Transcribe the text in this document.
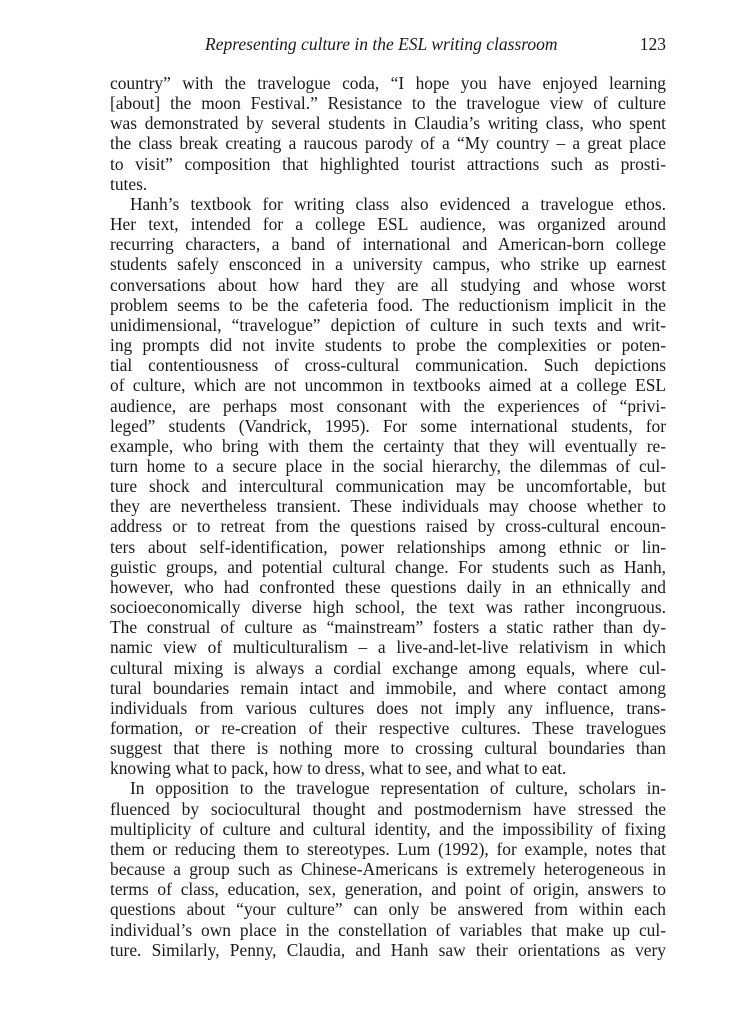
Representing culture in the ESL writing classroom	123
country” with the travelogue coda, “I hope you have enjoyed learning
[about] the moon Festival.” Resistance to the travelogue view of culture
was demonstrated by several students in Claudia’s writing class, who spent
the class break creating a raucous parody of a “My country – a great place
to visit” composition that highlighted tourist attractions such as prosti-
tutes.
Hanh’s textbook for writing class also evidenced a travelogue ethos.
Her text, intended for a college ESL audience, was organized around
recurring characters, a band of international and American-born college
students safely ensconced in a university campus, who strike up earnest
conversations about how hard they are all studying and whose worst
problem seems to be the cafeteria food. The reductionism implicit in the
unidimensional, “travelogue” depiction of culture in such texts and writ-
ing prompts did not invite students to probe the complexities or poten-
tial contentiousness of cross-cultural communication. Such depictions
of culture, which are not uncommon in textbooks aimed at a college ESL
audience, are perhaps most consonant with the experiences of “privi-
leged” students (Vandrick, 1995). For some international students, for
example, who bring with them the certainty that they will eventually re-
turn home to a secure place in the social hierarchy, the dilemmas of cul-
ture shock and intercultural communication may be uncomfortable, but
they are nevertheless transient. These individuals may choose whether to
address or to retreat from the questions raised by cross-cultural encoun-
ters about self-identification, power relationships among ethnic or lin-
guistic groups, and potential cultural change. For students such as Hanh,
however, who had confronted these questions daily in an ethnically and
socioeconomically diverse high school, the text was rather incongruous.
The construal of culture as “mainstream” fosters a static rather than dy-
namic view of multiculturalism – a live-and-let-live relativism in which
cultural mixing is always a cordial exchange among equals, where cul-
tural boundaries remain intact and immobile, and where contact among
individuals from various cultures does not imply any influence, trans-
formation, or re-creation of their respective cultures. These travelogues
suggest that there is nothing more to crossing cultural boundaries than
knowing what to pack, how to dress, what to see, and what to eat.
In opposition to the travelogue representation of culture, scholars in-
fluenced by sociocultural thought and postmodernism have stressed the
multiplicity of culture and cultural identity, and the impossibility of fixing
them or reducing them to stereotypes. Lum (1992), for example, notes that
because a group such as Chinese-Americans is extremely heterogeneous in
terms of class, education, sex, generation, and point of origin, answers to
questions about “your culture” can only be answered from within each
individual’s own place in the constellation of variables that make up cul-
ture. Similarly, Penny, Claudia, and Hanh saw their orientations as very
